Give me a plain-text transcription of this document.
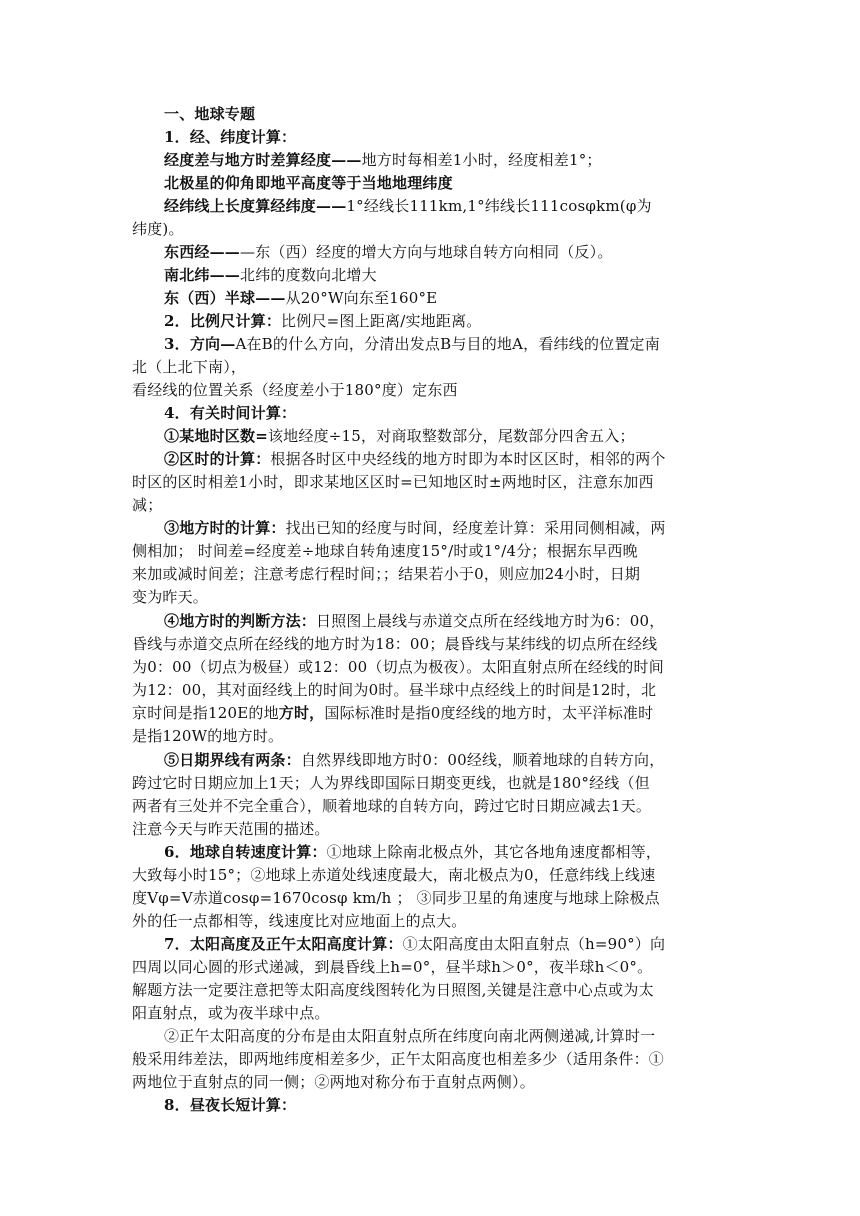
一、地球专题
1．经、纬度计算：
经度差与地方时差算经度——地方时每相差1小时，经度相差1°；
北极星的仰角即地平高度等于当地地理纬度
经纬线上长度算经纬度——1°经线长111km,1°纬线长111cosφkm(φ为
纬度)。
东西经———东（西）经度的增大方向与地球自转方向相同（反）。
南北纬——北纬的度数向北增大
东（西）半球——从20°W向东至160°E
2．比例尺计算：比例尺=图上距离/实地距离。
3．方向—A在B的什么方向，分清出发点B与目的地A，看纬线的位置定南
北（上北下南），
看经线的位置关系（经度差小于180°度）定东西
4．有关时间计算：
①某地时区数=该地经度÷15，对商取整数部分，尾数部分四舍五入；
②区时的计算：根据各时区中央经线的地方时即为本时区区时，相邻的两个
时区的区时相差1小时，即求某地区区时=已知地区时±两地时区，注意东加西
减；
③地方时的计算：找出已知的经度与时间，经度差计算：采用同侧相减，两
侧相加； 时间差=经度差÷地球自转角速度15°/时或1°/4分；根据东早西晚
来加或减时间差；注意考虑行程时间；；结果若小于0，则应加24小时，日期
变为昨天。
④地方时的判断方法：日照图上晨线与赤道交点所在经线地方时为6：00，
昏线与赤道交点所在经线的地方时为18：00；晨昏线与某纬线的切点所在经线
为0：00（切点为极昼）或12：00（切点为极夜）。太阳直射点所在经线的时间
为12：00，其对面经线上的时间为0时。昼半球中点经线上的时间是12时，北
京时间是指120E的地方时，国际标准时是指0度经线的地方时，太平洋标准时
是指120W的地方时。
⑤日期界线有两条：自然界线即地方时0：00经线，顺着地球的自转方向，
跨过它时日期应加上1天；人为界线即国际日期变更线，也就是180°经线（但
两者有三处并不完全重合），顺着地球的自转方向，跨过它时日期应减去1天。
注意今天与昨天范围的描述。
6．地球自转速度计算：①地球上除南北极点外，其它各地角速度都相等，
大致每小时15°；②地球上赤道处线速度最大，南北极点为0，任意纬线上线速
度Vφ=V赤道cosφ=1670cosφ km/h ； ③同步卫星的角速度与地球上除极点
外的任一点都相等，线速度比对应地面上的点大。
7．太阳高度及正午太阳高度计算：①太阳高度由太阳直射点（h=90°）向
四周以同心圆的形式递减，到晨昏线上h=0°，昼半球h＞0°，夜半球h＜0°。
解题方法一定要注意把等太阳高度线图转化为日照图,关键是注意中心点或为太
阳直射点，或为夜半球中点。
②正午太阳高度的分布是由太阳直射点所在纬度向南北两侧递减,计算时一
般采用纬差法，即两地纬度相差多少，正午太阳高度也相差多少（适用条件：①
两地位于直射点的同一侧；②两地对称分布于直射点两侧）。
8．昼夜长短计算：
